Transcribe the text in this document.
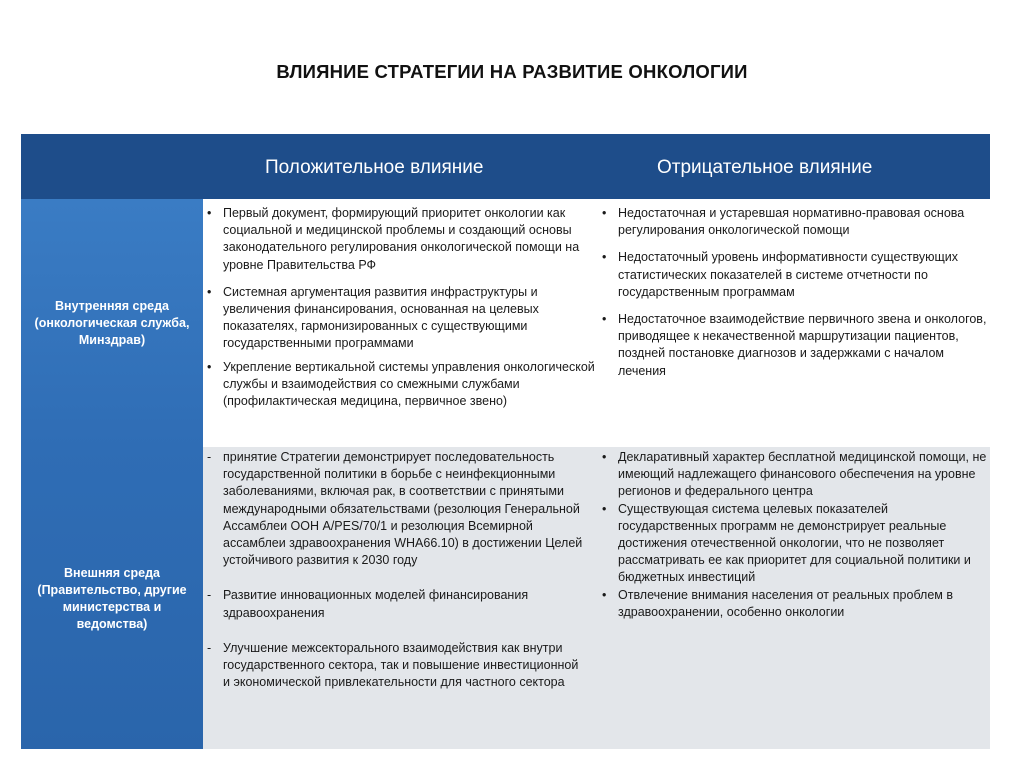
ВЛИЯНИЕ СТРАТЕГИИ НА РАЗВИТИЕ ОНКОЛОГИИ
Положительное влияние	Отрицательное влияние
Внутренняя среда
(онкологическая служба,
Минздрав)
Внешняя среда
(Правительство, другие
министерства и
ведомства)
• Первый документ, формирующий приоритет онкологии как социальной и медицинской проблемы и создающий основы законодательного регулирования онкологической помощи на уровне Правительства РФ
• Системная аргументация развития инфраструктуры и увеличения финансирования, основанная на целевых показателях, гармонизированных с существующими государственными программами
• Укрепление вертикальной системы управления онкологической службы и взаимодействия со смежными службами (профилактическая медицина, первичное звено)
• Недостаточная и устаревшая нормативно-правовая основа регулирования онкологической помощи
• Недостаточный уровень информативности существующих статистических показателей в системе отчетности по государственным программам
• Недостаточное взаимодействие первичного звена и онкологов, приводящее к некачественной маршрутизации пациентов, поздней постановке диагнозов и задержками с началом лечения
- принятие Стратегии демонстрирует последовательность государственной политики в борьбе с неинфекционными заболеваниями, включая рак, в соответствии с принятыми международными обязательствами (резолюция Генеральной Ассамблеи ООН A/PES/70/1 и резолюция Всемирной ассамблеи здравоохранения WHA66.10) в достижении Целей устойчивого развития к 2030 году
- Развитие инновационных моделей финансирования здравоохранения
- Улучшение межсекторального взаимодействия как внутри государственного сектора, так и повышение инвестиционной и экономической привлекательности для частного сектора
• Декларативный характер бесплатной медицинской помощи, не имеющий надлежащего финансового обеспечения на уровне регионов и федерального центра
• Существующая система целевых показателей государственных программ не демонстрирует реальные достижения отечественной онкологии, что не позволяет рассматривать ее как приоритет для социальной политики и бюджетных инвестиций
• Отвлечение внимания населения от реальных проблем в здравоохранении, особенно онкологии
